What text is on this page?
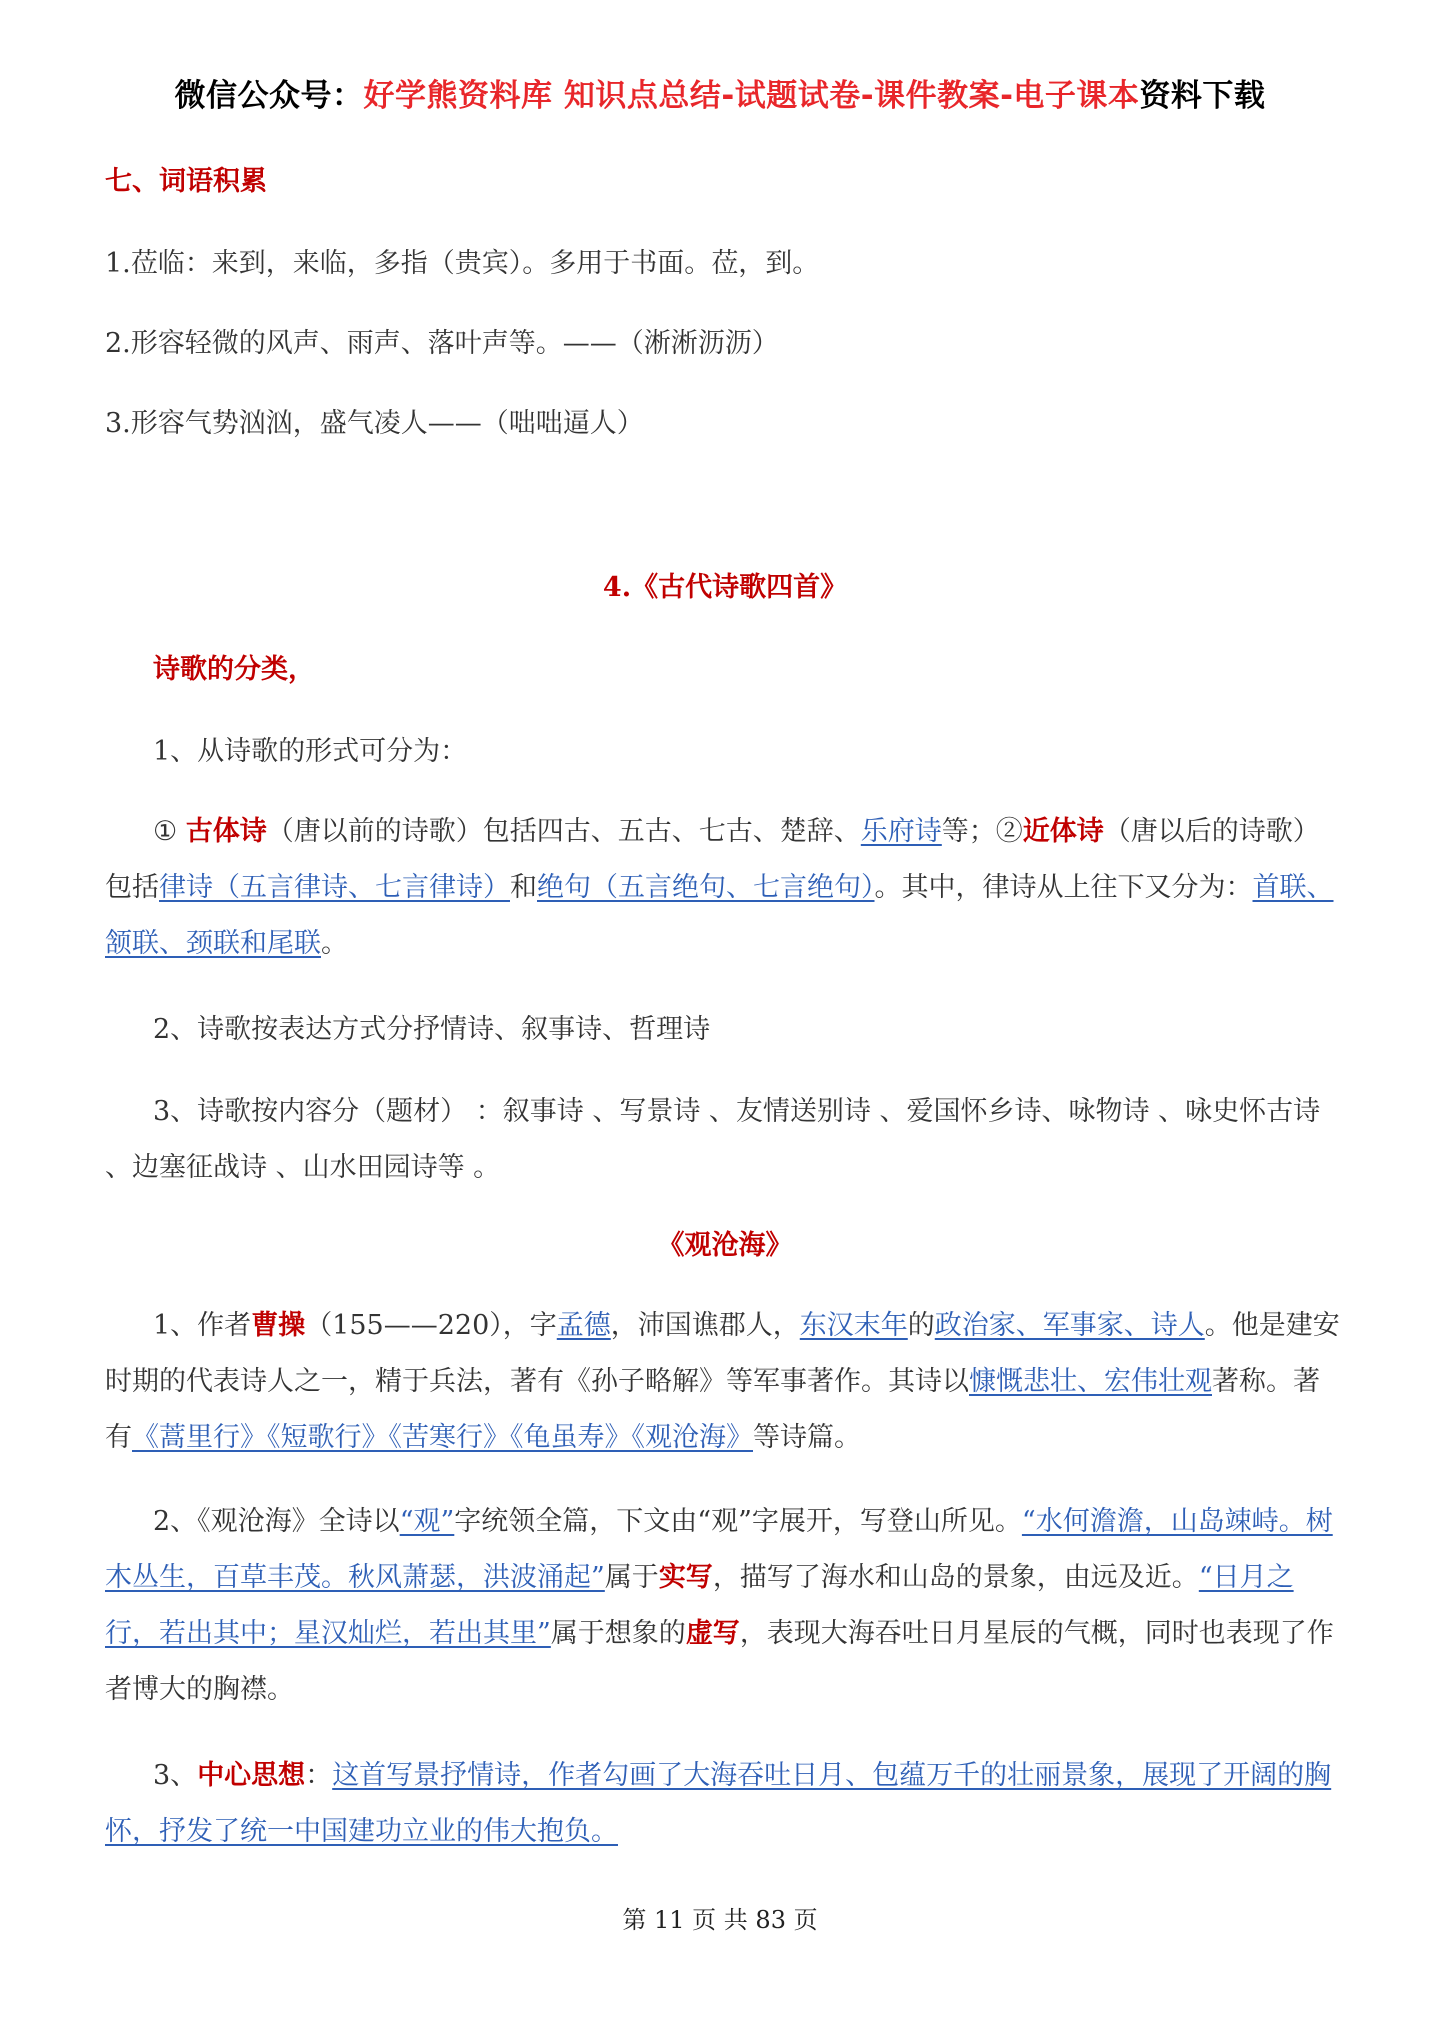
微信公众号：好学熊资料库 知识点总结-试题试卷-课件教案-电子课本资料下载

七、词语积累

1.莅临：来到，来临，多指（贵宾）。多用于书面。莅，到。

2.形容轻微的风声、雨声、落叶声等。——（淅淅沥沥）

3.形容气势汹汹，盛气凌人——（咄咄逼人）

4.《古代诗歌四首》

诗歌的分类，

1、从诗歌的形式可分为：

① 古体诗（唐以前的诗歌）包括四古、五古、七古、楚辞、乐府诗等；②近体诗（唐以后的诗歌）包括律诗（五言律诗、七言律诗）和绝句（五言绝句、七言绝句）。其中，律诗从上往下又分为：首联、颔联、颈联和尾联。

2、诗歌按表达方式分抒情诗、叙事诗、哲理诗

3、诗歌按内容分（题材） ：叙事诗 、写景诗 、友情送别诗 、爱国怀乡诗、咏物诗 、咏史怀古诗 、边塞征战诗 、山水田园诗等 。

《观沧海》

1、作者曹操（155——220），字孟德，沛国谯郡人，东汉末年的政治家、军事家、诗人。他是建安时期的代表诗人之一，精于兵法，著有《孙子略解》等军事著作。其诗以慷慨悲壮、宏伟壮观著称。著有《蒿里行》《短歌行》《苦寒行》《龟虽寿》《观沧海》等诗篇。

2、《观沧海》全诗以“观”字统领全篇，下文由“观”字展开，写登山所见。“水何澹澹，山岛竦峙。树木丛生，百草丰茂。秋风萧瑟，洪波涌起”属于实写，描写了海水和山岛的景象，由远及近。“日月之行，若出其中；星汉灿烂，若出其里”属于想象的虚写，表现大海吞吐日月星辰的气概，同时也表现了作者博大的胸襟。

3、中心思想：这首写景抒情诗，作者勾画了大海吞吐日月、包蕴万千的壮丽景象，展现了开阔的胸怀，抒发了统一中国建功立业的伟大抱负。

第 11 页 共 83 页
